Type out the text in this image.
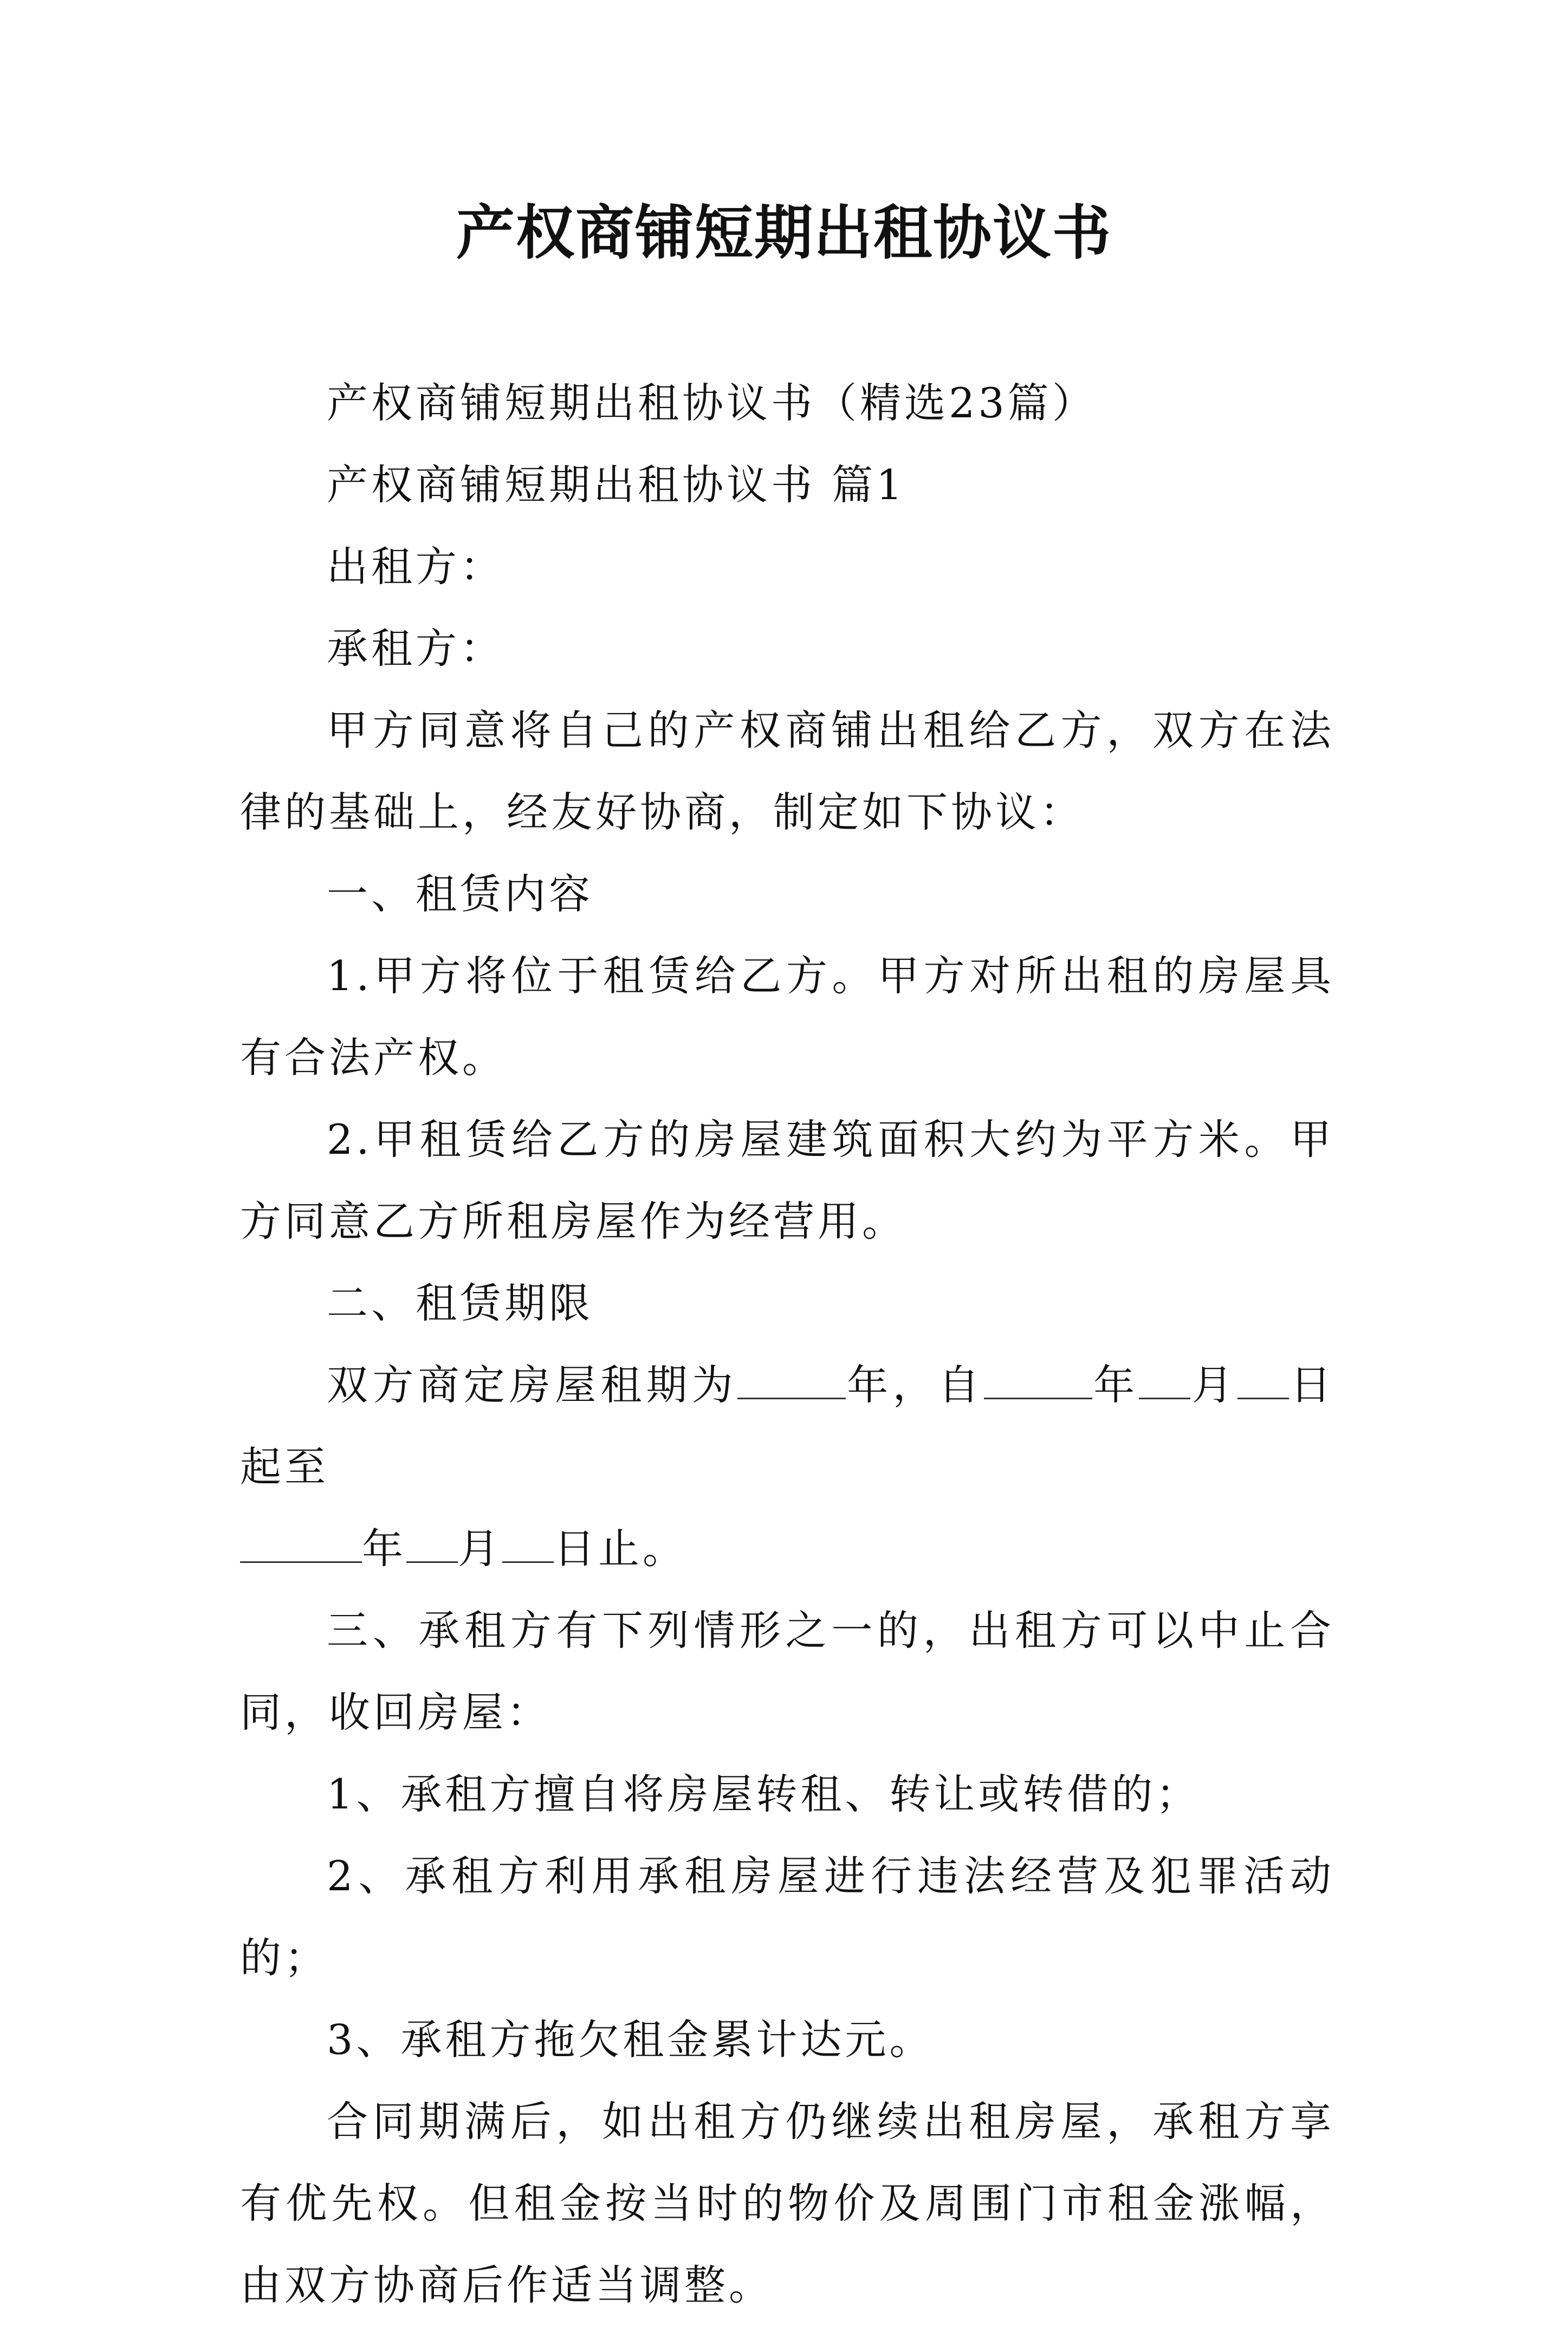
产权商铺短期出租协议书

产权商铺短期出租协议书（精选23篇）

产权商铺短期出租协议书 篇1

出租方：

承租方：

甲方同意将自己的产权商铺出租给乙方，双方在法律的基础上，经友好协商，制定如下协议：

一、租赁内容

1.甲方将位于租赁给乙方。甲方对所出租的房屋具有合法产权。

2.甲租赁给乙方的房屋建筑面积大约为平方米。甲方同意乙方所租房屋作为经营用。

二、租赁期限

双方商定房屋租期为	年，自	年 月 日起至

年 月 日止。

三、承租方有下列情形之一的，出租方可以中止合同，收回房屋：

1、承租方擅自将房屋转租、转让或转借的；

2、承租方利用承租房屋进行违法经营及犯罪活动的；

3、承租方拖欠租金累计达元。

合同期满后，如出租方仍继续出租房屋，承租方享有优先权。但租金按当时的物价及周围门市租金涨幅，由双方协商后作适当调整。
